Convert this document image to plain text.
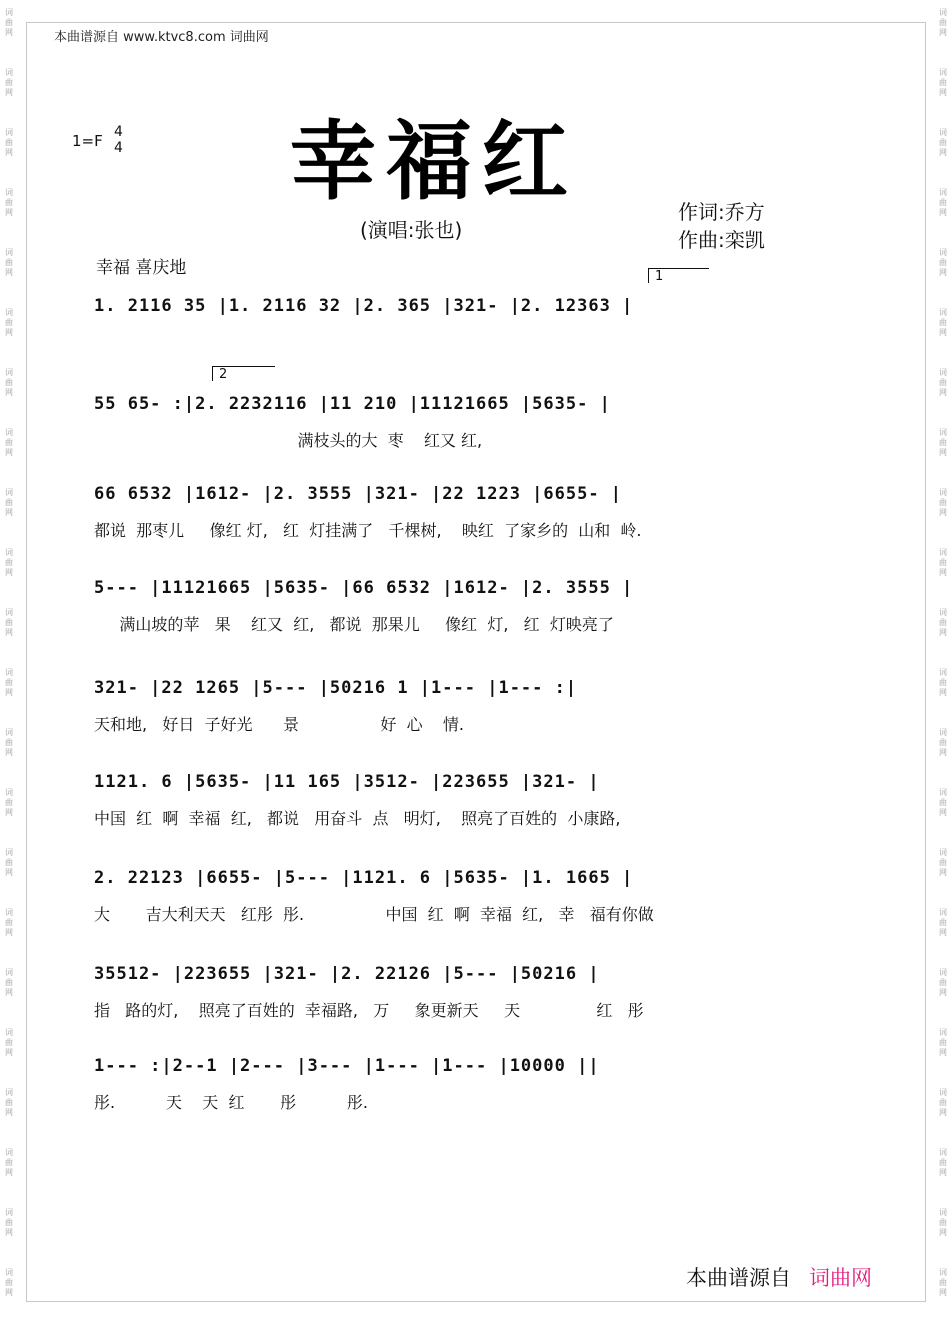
词曲网
词曲网
词曲网
词曲网
词曲网
词曲网
词曲网
词曲网
词曲网
词曲网
词曲网
词曲网
词曲网
词曲网
词曲网
词曲网
词曲网
词曲网
词曲网
词曲网
词曲网
词曲网
词曲网
词曲网
词曲网
词曲网
词曲网
词曲网
词曲网
词曲网
词曲网
词曲网
词曲网
词曲网
词曲网
词曲网
词曲网
词曲网
词曲网
词曲网
词曲网
词曲网
词曲网
词曲网
本曲谱源自 www.ktvc8.com 词曲网
1=F 4
4 幸福红
(演唱:张也)
作词:乔方
作曲:栾凯
幸福 喜庆地	1
2
1. 2116 35 |1. 2116 32 |2. 365 |321- |2. 12363 |
55 65- :|2. 2232116 |11 210 |11121665 |5635- |
满枝头的大  枣    红又 红,
66 6532 |1612- |2. 3555 |321- |22 1223 |6655- |
都说  那枣儿     像红 灯,   红  灯挂满了   千棵树,    映红  了家乡的  山和  岭.
5--- |11121665 |5635- |66 6532 |1612- |2. 3555 |
满山坡的苹   果    红又  红,   都说  那果儿     像红  灯,   红  灯映亮了
321- |22 1265 |5--- |50216 1 |1--- |1--- :|
天和地,   好日  子好光      景                好  心    情.
1121. 6 |5635- |11 165 |3512- |223655 |321- |
中国  红  啊  幸福  红,   都说   用奋斗  点   明灯,    照亮了百姓的  小康路,
2. 22123 |6655- |5--- |1121. 6 |5635- |1. 1665 |
大       吉大利天天   红彤  彤.                中国  红  啊  幸福  红,   幸   福有你做
35512- |223655 |321- |2. 22126 |5--- |50216 |
指   路的灯,    照亮了百姓的  幸福路,   万     象更新天     天               红   彤
1--- :|2--1 |2--- |3--- |1--- |1--- |10000 ||
彤.          天    天  红       彤          彤.
本曲谱源自 词曲网
